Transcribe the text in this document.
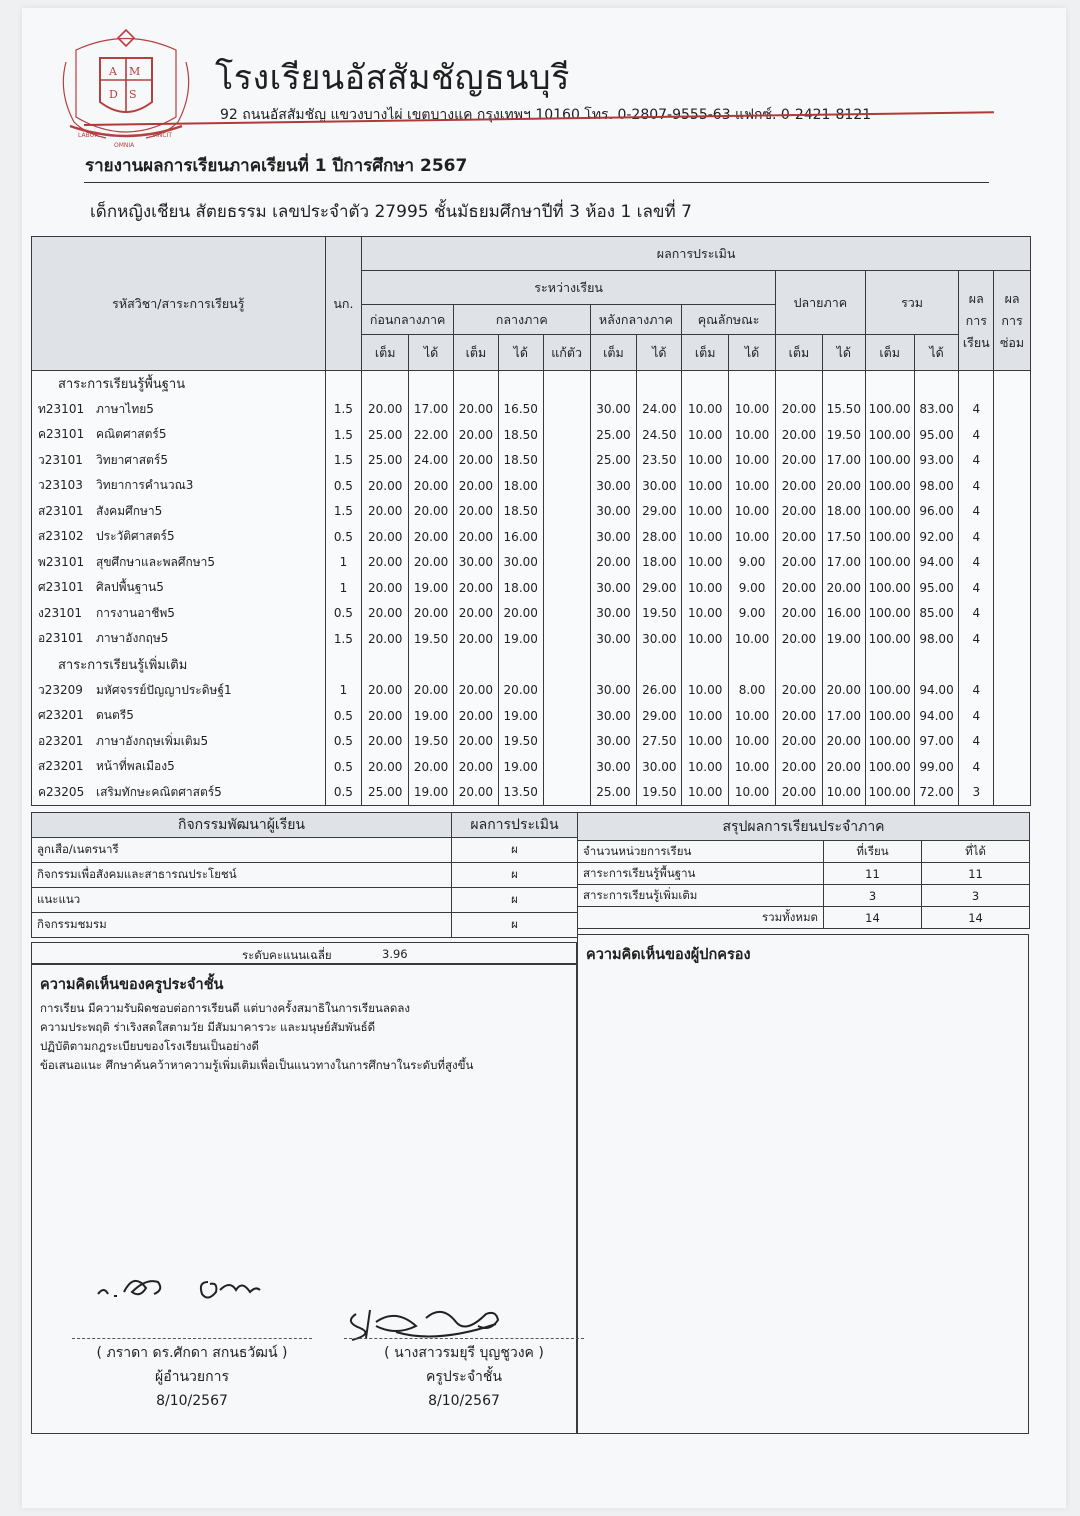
A M
D S
LABOR
OMNIA
VINCIT
โรงเรียนอัสสัมชัญธนบุรี
92 ถนนอัสสัมชัญ แขวงบางไผ่ เขตบางแค กรุงเทพฯ 10160 โทร. 0-2807-9555-63 แฟกซ์. 0-2421-8121
รายงานผลการเรียนภาคเรียนที่ 1 ปีการศึกษา 2567
เด็กหญิงเชียน สัตยธรรม เลขประจำตัว 27995 ชั้นมัธยมศึกษาปีที่ 3 ห้อง 1 เลขที่ 7
รหัสวิชา/สาระการเรียนรู้	นก.	ผลการประเมิน														
		ระหว่างเรียน									ปลายภาค		รวม		ผล การ เรียน	ผล การ ซ่อม
		ก่อนกลางภาค		กลางภาค			หลังกลางภาค		คุณลักษณะ							
		เต็ม	ได้	เต็ม	ได้	แก้ตัว	เต็ม	ได้	เต็ม	ได้	เต็ม	ได้	เต็ม	ได้		
สาระการเรียนรู้พื้นฐาน																
ท23101 ภาษาไทย5	1.5	20.00	17.00	20.00	16.50		30.00	24.00	10.00	10.00	20.00	15.50	100.00	83.00	4	
ค23101 คณิตศาสตร์5	1.5	25.00	22.00	20.00	18.50		25.00	24.50	10.00	10.00	20.00	19.50	100.00	95.00	4	
ว23101 วิทยาศาสตร์5	1.5	25.00	24.00	20.00	18.50		25.00	23.50	10.00	10.00	20.00	17.00	100.00	93.00	4	
ว23103 วิทยาการคำนวณ3	0.5	20.00	20.00	20.00	18.00		30.00	30.00	10.00	10.00	20.00	20.00	100.00	98.00	4	
ส23101 สังคมศึกษา5	1.5	20.00	20.00	20.00	18.50		30.00	29.00	10.00	10.00	20.00	18.00	100.00	96.00	4	
ส23102 ประวัติศาสตร์5	0.5	20.00	20.00	20.00	16.00		30.00	28.00	10.00	10.00	20.00	17.50	100.00	92.00	4	
พ23101 สุขศึกษาและพลศึกษา5	1	20.00	20.00	30.00	30.00		20.00	18.00	10.00	9.00	20.00	17.00	100.00	94.00	4	
ศ23101 ศิลปพื้นฐาน5	1	20.00	19.00	20.00	18.00		30.00	29.00	10.00	9.00	20.00	20.00	100.00	95.00	4	
ง23101 การงานอาชีพ5	0.5	20.00	20.00	20.00	20.00		30.00	19.50	10.00	9.00	20.00	16.00	100.00	85.00	4	
อ23101 ภาษาอังกฤษ5	1.5	20.00	19.50	20.00	19.00		30.00	30.00	10.00	10.00	20.00	19.00	100.00	98.00	4	
สาระการเรียนรู้เพิ่มเติม																
ว23209 มหัศจรรย์ปัญญาประดิษฐ์1	1	20.00	20.00	20.00	20.00		30.00	26.00	10.00	8.00	20.00	20.00	100.00	94.00	4	
ศ23201 ดนตรี5	0.5	20.00	19.00	20.00	19.00		30.00	29.00	10.00	10.00	20.00	17.00	100.00	94.00	4	
อ23201 ภาษาอังกฤษเพิ่มเติม5	0.5	20.00	19.50	20.00	19.50		30.00	27.50	10.00	10.00	20.00	20.00	100.00	97.00	4	
ส23201 หน้าที่พลเมือง5	0.5	20.00	20.00	20.00	19.00		30.00	30.00	10.00	10.00	20.00	20.00	100.00	99.00	4	
ค23205 เสริมทักษะคณิตศาสตร์5	0.5	25.00	19.00	20.00	13.50		25.00	19.50	10.00	10.00	20.00	10.00	100.00	72.00	3	
กิจกรรมพัฒนาผู้เรียน	ผลการประเมิน
ลูกเสือ/เนตรนารี	ผ
กิจกรรมเพื่อสังคมและสาธารณประโยชน์	ผ
แนะแนว	ผ
กิจกรรมชมรม	ผ
สรุปผลการเรียนประจำภาค		
จำนวนหน่วยการเรียน	ที่เรียน	ที่ได้
สาระการเรียนรู้พื้นฐาน	11	11
สาระการเรียนรู้เพิ่มเติม	3	3
รวมทั้งหมด	14	14
ระดับคะแนนเฉลี่ย	3.96
ความคิดเห็นของครูประจำชั้น
การเรียน มีความรับผิดชอบต่อการเรียนดี แต่บางครั้งสมาธิในการเรียนลดลง
ความประพฤติ ร่าเริงสดใสตามวัย มีสัมมาคารวะ และมนุษย์สัมพันธ์ดี
ปฏิบัติตามกฎระเบียบของโรงเรียนเป็นอย่างดี
ข้อเสนอแนะ ศึกษาค้นคว้าหาความรู้เพิ่มเติมเพื่อเป็นแนวทางในการศึกษาในระดับที่สูงขึ้น
ความคิดเห็นของผู้ปกครอง
( ภราดา ดร.ศักดา สกนธวัฒน์ )
ผู้อำนวยการ
8/10/2567
( นางสาวรมยุรี บุญชูวงค )
ครูประจำชั้น
8/10/2567
